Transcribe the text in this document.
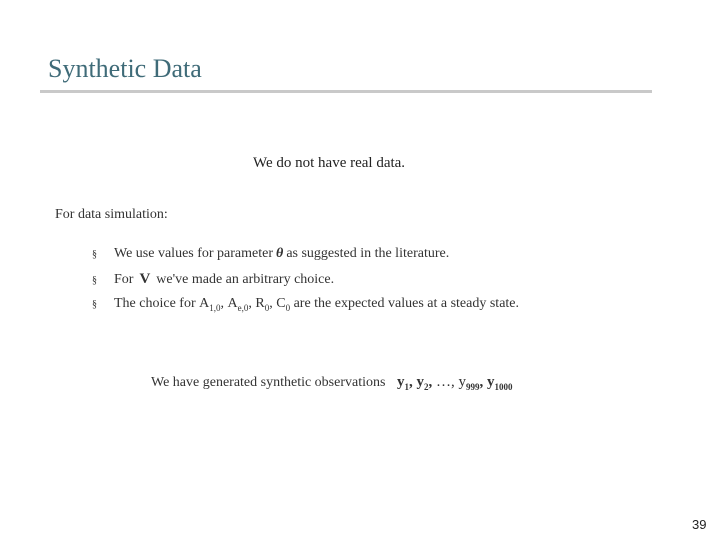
Synthetic Data
We do not have real data.
For data simulation:
§	We use values for parameter θ as suggested in the literature.
§	For V we've made an arbitrary choice.
§	The choice for
$A_{1,0}$ , $A_{e,0}$ , $R_0$ , $C_0$
are the expected values at a steady state.
We have generated synthetic observations $y_1$, $y_2$, …, $y_{999}$, $y_{1000}$
39
